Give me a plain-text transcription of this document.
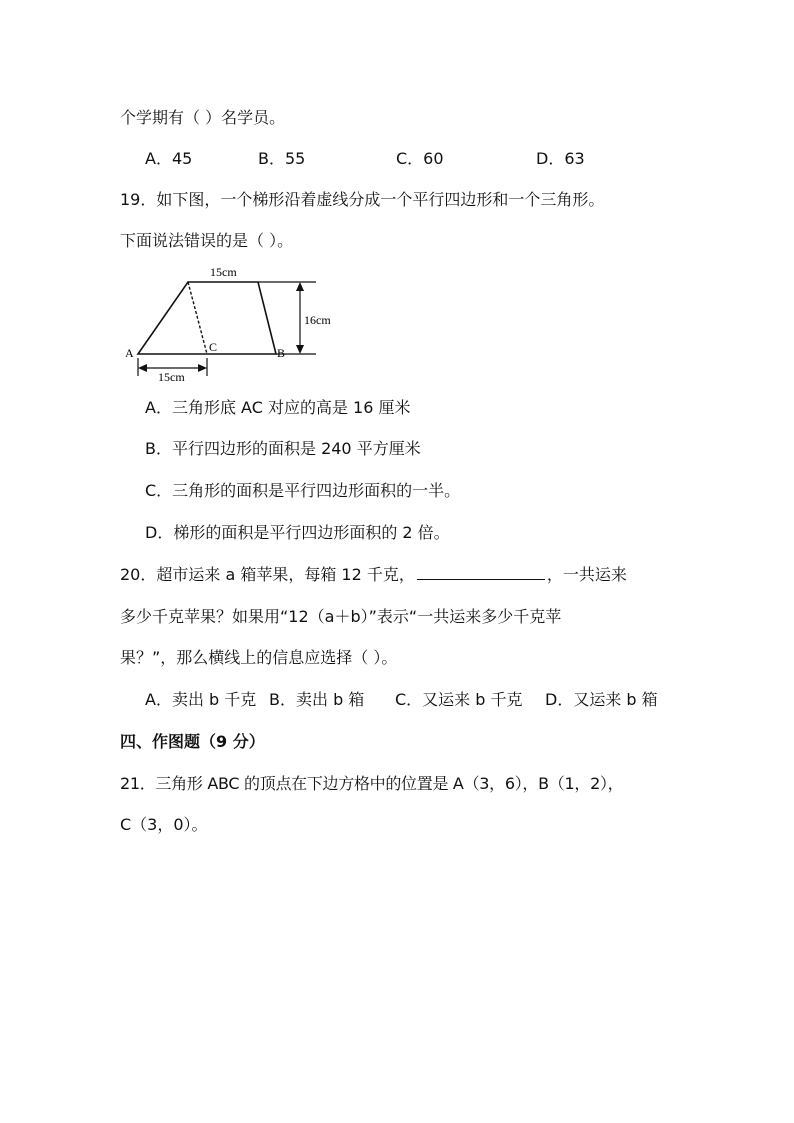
个学期有（ ）名学员。
A．45	B．55	C．60	D．63
19．如下图，一个梯形沿着虚线分成一个平行四边形和一个三角形。
下面说法错误的是（ ）。
15cm
16cm
15cm
A	B
C
A．三角形底 AC 对应的高是 16 厘米
B．平行四边形的面积是 240 平方厘米
C．三角形的面积是平行四边形面积的一半。
D．梯形的面积是平行四边形面积的 2 倍。
20．超市运来 a 箱苹果，每箱 12 千克，	，一共运来
多少千克苹果？如果用“12（a＋b）”表示“一共运来多少千克苹
果？”，那么横线上的信息应选择（ ）。
A．卖出 b 千克 B．卖出 b 箱 C．又运来 b 千克 D．又运来 b 箱
四、作图题（9 分）
21．三角形 ABC 的顶点在下边方格中的位置是 A（3，6），B（1，2），
C（3，0）。
